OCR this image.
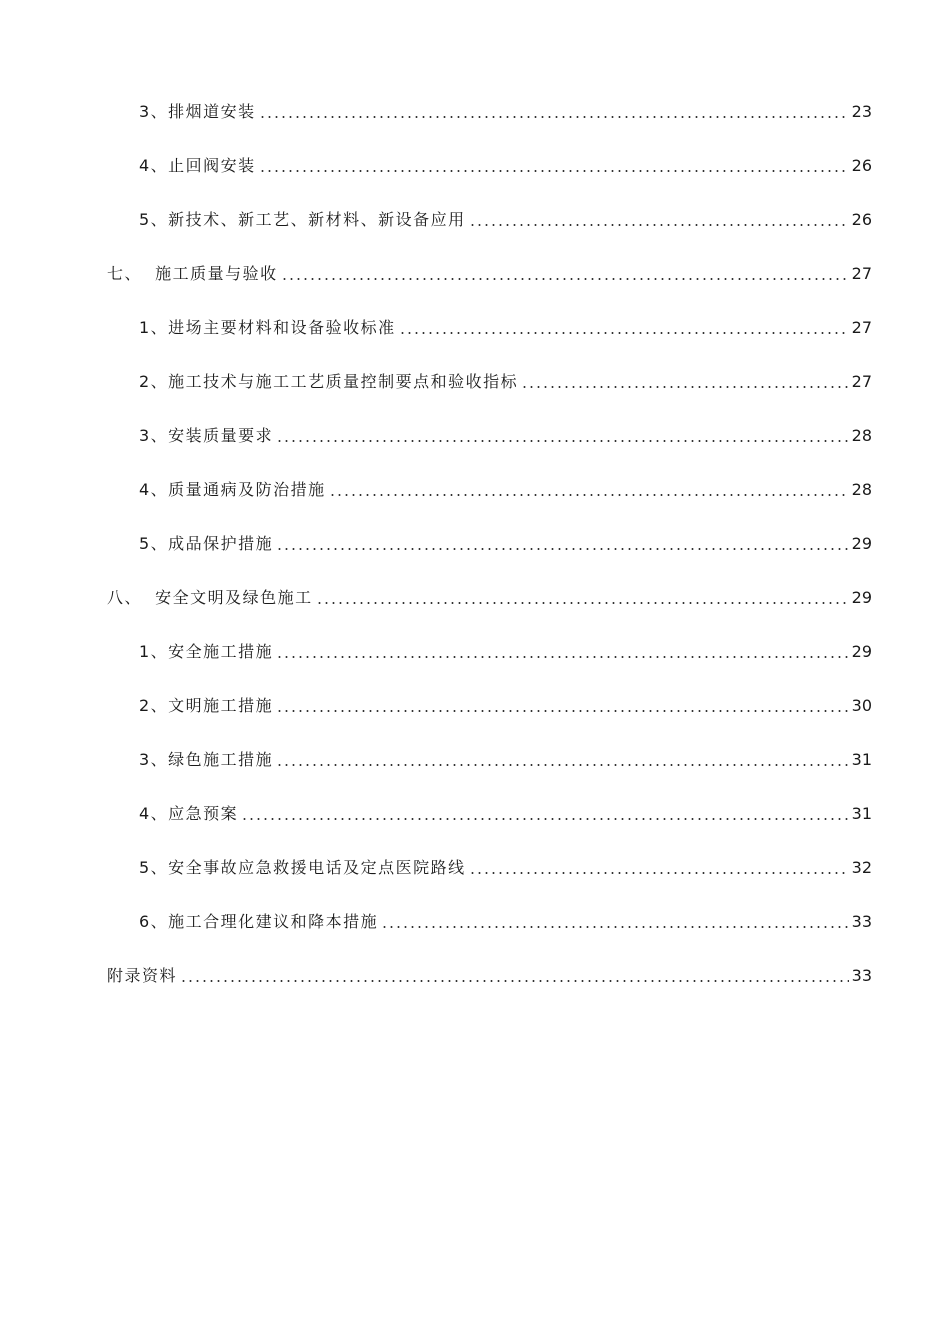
3、排烟道安装	23
4、止回阀安装	26
5、新技术、新工艺、新材料、新设备应用	26
七、  施工质量与验收	27
1、进场主要材料和设备验收标准	27
2、施工技术与施工工艺质量控制要点和验收指标	27
3、安装质量要求	28
4、质量通病及防治措施	28
5、成品保护措施	29
八、  安全文明及绿色施工	29
1、安全施工措施	29
2、文明施工措施	30
3、绿色施工措施	31
4、应急预案	31
5、安全事故应急救援电话及定点医院路线	32
6、施工合理化建议和降本措施	33
附录资料	33
